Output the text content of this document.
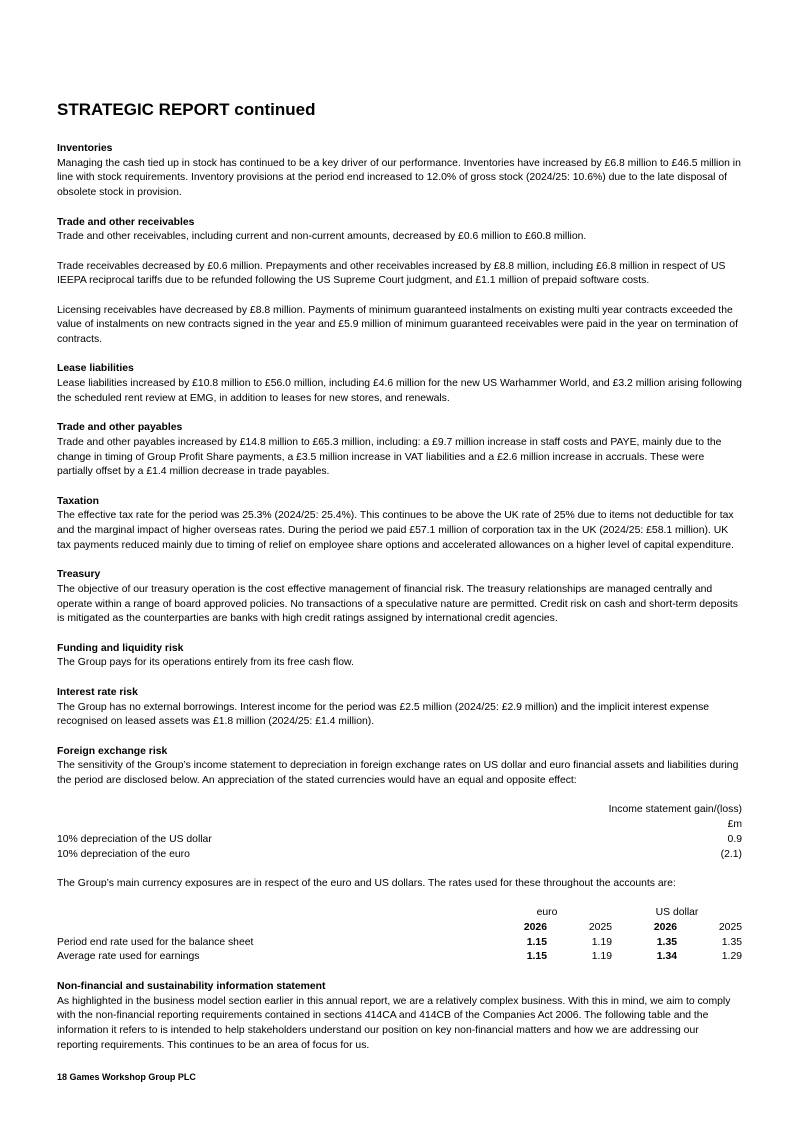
STRATEGIC REPORT continued
Inventories

Managing the cash tied up in stock has continued to be a key driver of our performance. Inventories have increased by £6.8 million to £46.5 million in line with stock requirements. Inventory provisions at the period end increased to 12.0% of gross stock (2024/25: 10.6%) due to the late disposal of obsolete stock in provision.

Trade and other receivables

Trade and other receivables, including current and non-current amounts, decreased by £0.6 million to £60.8 million.

Trade receivables decreased by £0.6 million. Prepayments and other receivables increased by £8.8 million, including £6.8 million in respect of US IEEPA reciprocal tariffs due to be refunded following the US Supreme Court judgment, and £1.1 million of prepaid software costs.

Licensing receivables have decreased by £8.8 million. Payments of minimum guaranteed instalments on existing multi year contracts exceeded the value of instalments on new contracts signed in the year and £5.9 million of minimum guaranteed receivables were paid in the year on termination of contracts.

Lease liabilities

Lease liabilities increased by £10.8 million to £56.0 million, including £4.6 million for the new US Warhammer World, and £3.2 million arising following the scheduled rent review at EMG, in addition to leases for new stores, and renewals.

Trade and other payables

Trade and other payables increased by £14.8 million to £65.3 million, including: a £9.7 million increase in staff costs and PAYE, mainly due to the change in timing of Group Profit Share payments, a £3.5 million increase in VAT liabilities and a £2.6 million increase in accruals. These were partially offset by a £1.4 million decrease in trade payables.

Taxation

The effective tax rate for the period was 25.3% (2024/25: 25.4%). This continues to be above the UK rate of 25% due to items not deductible for tax and the marginal impact of higher overseas rates. During the period we paid £57.1 million of corporation tax in the UK (2024/25: £58.1 million). UK tax payments reduced mainly due to timing of relief on employee share options and accelerated allowances on a higher level of capital expenditure.

Treasury

The objective of our treasury operation is the cost effective management of financial risk. The treasury relationships are managed centrally and operate within a range of board approved policies. No transactions of a speculative nature are permitted. Credit risk on cash and short-term deposits is mitigated as the counterparties are banks with high credit ratings assigned by international credit agencies.

Funding and liquidity risk

The Group pays for its operations entirely from its free cash flow.

Interest rate risk

The Group has no external borrowings. Interest income for the period was £2.5 million (2024/25: £2.9 million) and the implicit interest expense recognised on leased assets was £1.8 million (2024/25: £1.4 million).

Foreign exchange risk

The sensitivity of the Group’s income statement to depreciation in foreign exchange rates on US dollar and euro financial assets and liabilities during the period are disclosed below. An appreciation of the stated currencies would have an equal and opposite effect:

	Income statement gain/(loss)
	£m
10% depreciation of the US dollar	0.9
10% depreciation of the euro	(2.1)

The Group’s main currency exposures are in respect of the euro and US dollars. The rates used for these throughout the accounts are:

	euro		US dollar	
	2026	2025	2026	2025
Period end rate used for the balance sheet	1.15	1.19	1.35	1.35
Average rate used for earnings	1.15	1.19	1.34	1.29
Non-financial and sustainability information statement

As highlighted in the business model section earlier in this annual report, we are a relatively complex business. With this in mind, we aim to comply with the non-financial reporting requirements contained in sections 414CA and 414CB of the Companies Act 2006. The following table and the information it refers to is intended to help stakeholders understand our position on key non-financial matters and how we are addressing our reporting requirements. This continues to be an area of focus for us.

18 Games Workshop Group PLC
